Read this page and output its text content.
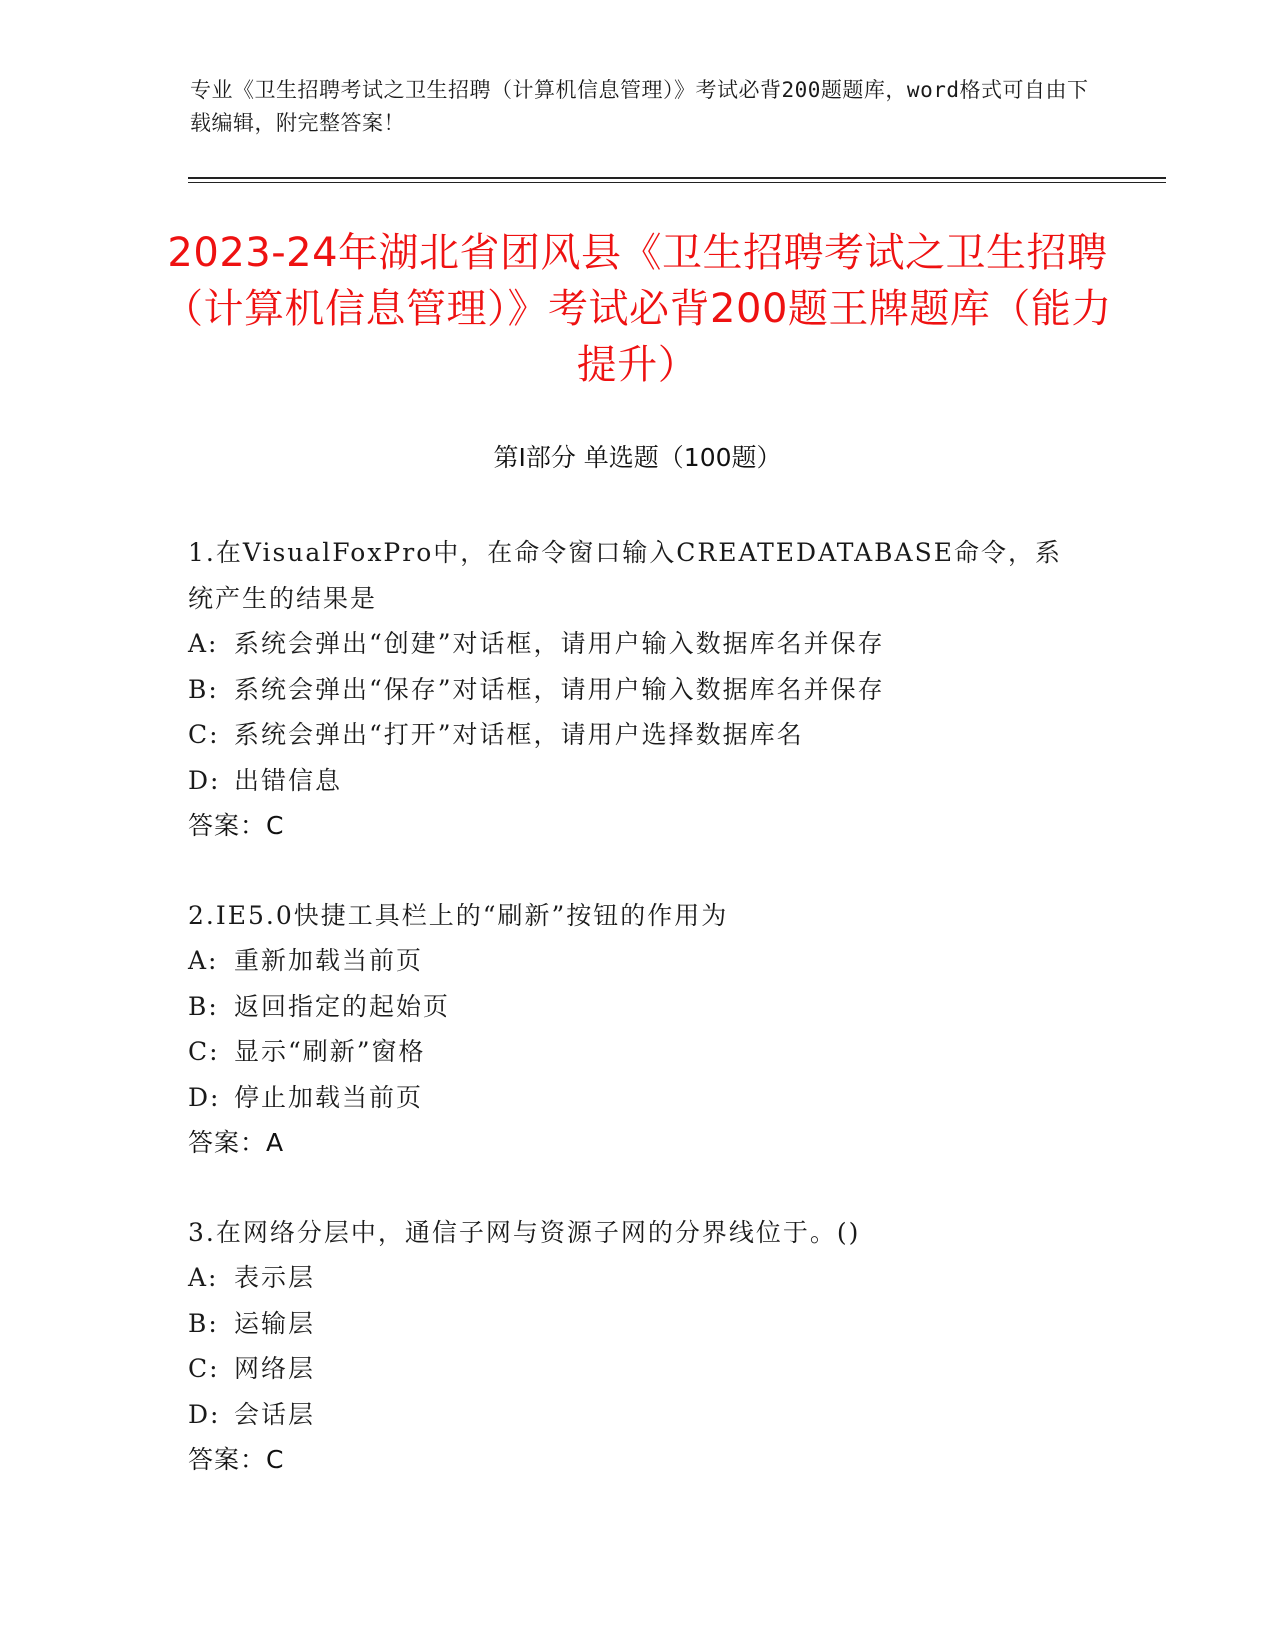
专业《卫生招聘考试之卫生招聘（计算机信息管理）》考试必背200题题库，word格式可自由下载编辑，附完整答案！
2023-24年湖北省团风县《卫生招聘考试之卫生招聘（计算机信息管理）》考试必背200题王牌题库（能力提升）
第Ⅰ部分 单选题（100题）
1.在VisualFoxPro中，在命令窗口输入CREATEDATABASE命令，系统产生的结果是
A: 系统会弹出“创建”对话框，请用户输入数据库名并保存
B: 系统会弹出“保存”对话框，请用户输入数据库名并保存
C: 系统会弹出“打开”对话框，请用户选择数据库名
D: 出错信息
答案：C
2.IE5.0快捷工具栏上的“刷新”按钮的作用为
A: 重新加载当前页
B: 返回指定的起始页
C: 显示“刷新”窗格
D: 停止加载当前页
答案：A
3.在网络分层中，通信子网与资源子网的分界线位于。()
A: 表示层
B: 运输层
C: 网络层
D: 会话层
答案：C
